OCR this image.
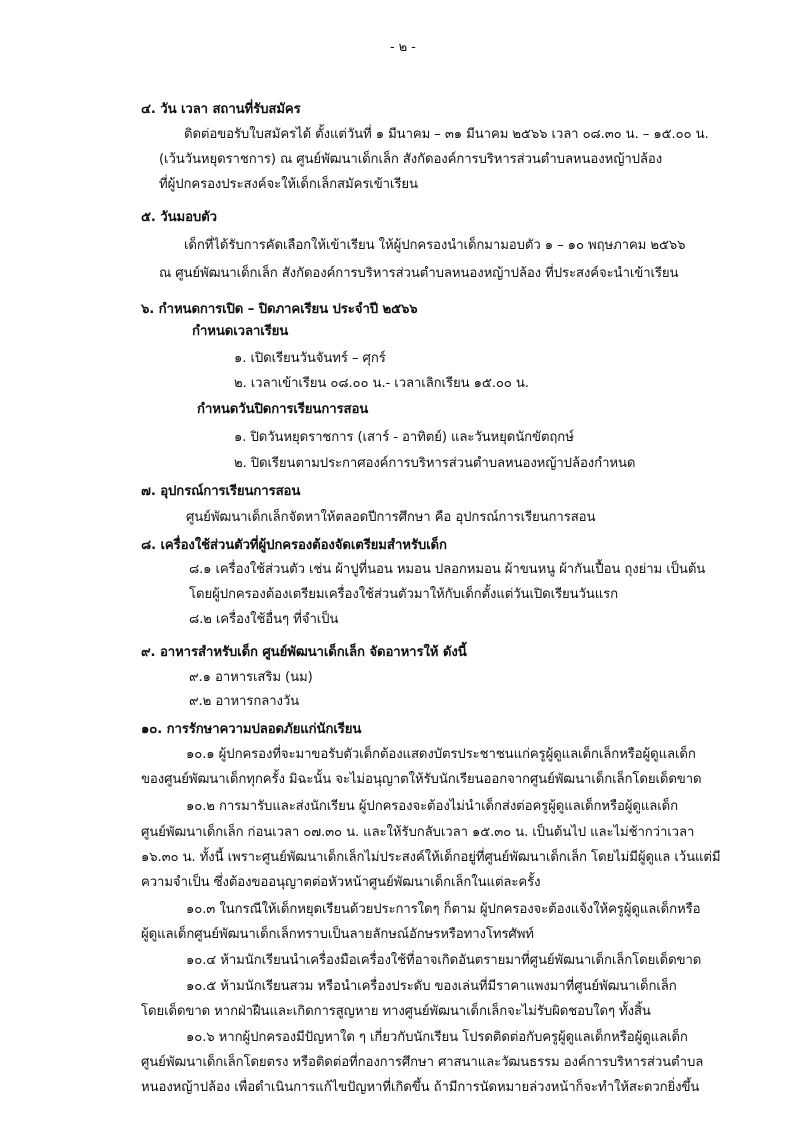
- ๒ -
๔. วัน เวลา สถานที่รับสมัคร
ติดต่อขอรับใบสมัครได้ ตั้งแต่วันที่ ๑ มีนาคม – ๓๑ มีนาคม ๒๕๖๖ เวลา ๐๘.๓๐ น. – ๑๕.๐๐ น.
(เว้นวันหยุดราชการ) ณ ศูนย์พัฒนาเด็กเล็ก สังกัดองค์การบริหารส่วนตำบลหนองหญ้าปล้อง
ที่ผู้ปกครองประสงค์จะให้เด็กเล็กสมัครเข้าเรียน
๕. วันมอบตัว
เด็กที่ได้รับการคัดเลือกให้เข้าเรียน ให้ผู้ปกครองนำเด็กมามอบตัว ๑ – ๑๐ พฤษภาคม ๒๕๖๖
ณ ศูนย์พัฒนาเด็กเล็ก สังกัดองค์การบริหารส่วนตำบลหนองหญ้าปล้อง ที่ประสงค์จะนำเข้าเรียน
๖. กำหนดการเปิด – ปิดภาคเรียน ประจำปี ๒๕๖๖
กำหนดเวลาเรียน
๑. เปิดเรียนวันจันทร์ – ศุกร์
๒. เวลาเข้าเรียน ๐๘.๐๐ น.- เวลาเลิกเรียน ๑๕.๐๐ น.
กำหนดวันปิดการเรียนการสอน
๑. ปิดวันหยุดราชการ (เสาร์ - อาทิตย์) และวันหยุดนักขัตฤกษ์
๒. ปิดเรียนตามประกาศองค์การบริหารส่วนตำบลหนองหญ้าปล้องกำหนด
๗. อุปกรณ์การเรียนการสอน
ศูนย์พัฒนาเด็กเล็กจัดหาให้ตลอดปีการศึกษา คือ อุปกรณ์การเรียนการสอน
๘. เครื่องใช้ส่วนตัวที่ผู้ปกครองต้องจัดเตรียมสำหรับเด็ก
๘.๑ เครื่องใช้ส่วนตัว เช่น ผ้าปูที่นอน หมอน ปลอกหมอน ผ้าขนหนู ผ้ากันเปื้อน ถุงย่าม เป็นต้น
โดยผู้ปกครองต้องเตรียมเครื่องใช้ส่วนตัวมาให้กับเด็กตั้งแต่วันเปิดเรียนวันแรก
๘.๒ เครื่องใช้อื่นๆ ที่จำเป็น
๙. อาหารสำหรับเด็ก ศูนย์พัฒนาเด็กเล็ก จัดอาหารให้ ดังนี้
๙.๑ อาหารเสริม (นม)
๙.๒ อาหารกลางวัน
๑๐. การรักษาความปลอดภัยแก่นักเรียน
๑๐.๑ ผู้ปกครองที่จะมาขอรับตัวเด็กต้องแสดงบัตรประชาชนแก่ครูผู้ดูแลเด็กเล็กหรือผู้ดูแลเด็ก
ของศูนย์พัฒนาเด็กทุกครั้ง มิฉะนั้น จะไม่อนุญาตให้รับนักเรียนออกจากศูนย์พัฒนาเด็กเล็กโดยเด็ดขาด
๑๐.๒ การมารับและส่งนักเรียน ผู้ปกครองจะต้องไม่นำเด็กส่งต่อครูผู้ดูแลเด็กหรือผู้ดูแลเด็ก
ศูนย์พัฒนาเด็กเล็ก ก่อนเวลา ๐๗.๓๐ น. และให้รับกลับเวลา ๑๕.๓๐ น. เป็นต้นไป และไม่ช้ากว่าเวลา
๑๖.๓๐ น. ทั้งนี้ เพราะศูนย์พัฒนาเด็กเล็กไม่ประสงค์ให้เด็กอยู่ที่ศูนย์พัฒนาเด็กเล็ก โดยไม่มีผู้ดูแล เว้นแต่มี
ความจำเป็น ซึ่งต้องขออนุญาตต่อหัวหน้าศูนย์พัฒนาเด็กเล็กในแต่ละครั้ง
๑๐.๓ ในกรณีให้เด็กหยุดเรียนด้วยประการใดๆ ก็ตาม ผู้ปกครองจะต้องแจ้งให้ครูผู้ดูแลเด็กหรือ
ผู้ดูแลเด็กศูนย์พัฒนาเด็กเล็กทราบเป็นลายลักษณ์อักษรหรือทางโทรศัพท์
๑๐.๔ ห้ามนักเรียนนำเครื่องมือเครื่องใช้ที่อาจเกิดอันตรายมาที่ศูนย์พัฒนาเด็กเล็กโดยเด็ดขาด
๑๐.๕ ห้ามนักเรียนสวม หรือนำเครื่องประดับ ของเล่นที่มีราคาแพงมาที่ศูนย์พัฒนาเด็กเล็ก
โดยเด็ดขาด หากฝ่าฝืนและเกิดการสูญหาย ทางศูนย์พัฒนาเด็กเล็กจะไม่รับผิดชอบใดๆ ทั้งสิ้น
๑๐.๖ หากผู้ปกครองมีปัญหาใด ๆ เกี่ยวกับนักเรียน โปรดติดต่อกับครูผู้ดูแลเด็กหรือผู้ดูแลเด็ก
ศูนย์พัฒนาเด็กเล็กโดยตรง หรือติดต่อที่กองการศึกษา ศาสนาและวัฒนธรรม องค์การบริหารส่วนตำบล
หนองหญ้าปล้อง เพื่อดำเนินการแก้ไขปัญหาที่เกิดขึ้น ถ้ามีการนัดหมายล่วงหน้าก็จะทำให้สะดวกยิ่งขึ้น
